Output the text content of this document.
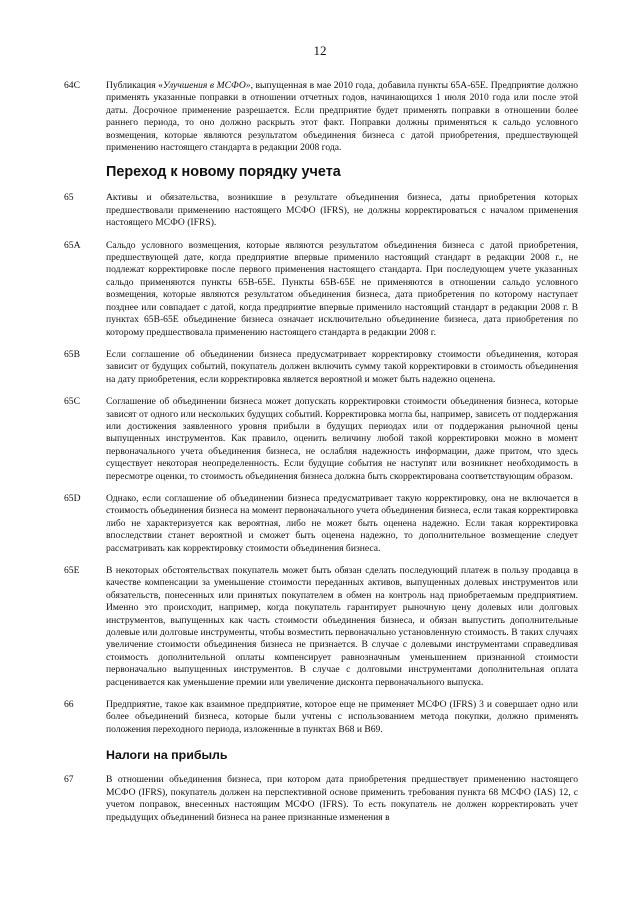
12
64C	Публикация «Улучшения в МСФО», выпущенная в мае 2010 года, добавила пункты 65А-65Е. Предприятие должно применять указанные поправки в отношении отчетных годов, начинающихся 1 июля 2010 года или после этой даты. Досрочное применение разрешается. Если предприятие будет применять поправки в отношении более раннего периода, то оно должно раскрыть этот факт. Поправки должны применяться к сальдо условного возмещения, которые являются результатом объединения бизнеса с датой приобретения, предшествующей применению настоящего стандарта в редакции 2008 года.
Переход к новому порядку учета
65	Активы и обязательства, возникшие в результате объединения бизнеса, даты приобретения которых предшествовали применению настоящего МСФО (IFRS), не должны корректироваться с началом применения настоящего МСФО (IFRS).
65А	Сальдо условного возмещения, которые являются результатом объединения бизнеса с датой приобретения, предшествующей дате, когда предприятие впервые применило настоящий стандарт в редакции 2008 г., не подлежат корректировке после первого применения настоящего стандарта. При последующем учете указанных сальдо применяются пункты 65В-65Е. Пункты 65В-65Е не применяются в отношении сальдо условного возмещения, которые являются результатом объединения бизнеса, дата приобретения по которому наступает позднее или совпадает с датой, когда предприятие впервые применило настоящий стандарт в редакции 2008 г. В пунктах 65В-65Е объединение бизнеса означает исключительно объединение бизнеса, дата приобретения по которому предшествовала применению настоящего стандарта в редакции 2008 г.
65В	Если соглашение об объединении бизнеса предусматривает корректировку стоимости объединения, которая зависит от будущих событий, покупатель должен включить сумму такой корректировки в стоимость объединения на дату приобретения, если корректировка является вероятной и может быть надежно оценена.
65С	Соглашение об объединении бизнеса может допускать корректировки стоимости объединения бизнеса, которые зависят от одного или нескольких будущих событий. Корректировка могла бы, например, зависеть от поддержания или достижения заявленного уровня прибыли в будущих периодах или от поддержания рыночной цены выпущенных инструментов. Как правило, оценить величину любой такой корректировки можно в момент первоначального учета объединения бизнеса, не ослабляя надежность информации, даже притом, что здесь существует некоторая неопределенность. Если будущие события не наступят или возникнет необходимость в пересмотре оценки, то стоимость объединения бизнеса должна быть скорректирована соответствующим образом.
65D	Однако, если соглашение об объединении бизнеса предусматривает такую корректировку, она не включается в стоимость объединения бизнеса на момент первоначального учета объединения бизнеса, если такая корректировка либо не характеризуется как вероятная, либо не может быть оценена надежно. Если такая корректировка впоследствии станет вероятной и сможет быть оценена надежно, то дополнительное возмещение следует рассматривать как корректировку стоимости объединения бизнеса.
65Е	В некоторых обстоятельствах покупатель может быть обязан сделать последующий платеж в пользу продавца в качестве компенсации за уменьшение стоимости переданных активов, выпущенных долевых инструментов или обязательств, понесенных или принятых покупателем в обмен на контроль над приобретаемым предприятием. Именно это происходит, например, когда покупатель гарантирует рыночную цену долевых или долговых инструментов, выпущенных как часть стоимости объединения бизнеса, и обязан выпустить дополнительные долевые или долговые инструменты, чтобы возместить первоначально установленную стоимость. В таких случаях увеличение стоимости объединения бизнеса не признается. В случае с долевыми инструментами справедливая стоимость дополнительной оплаты компенсирует равнозначным уменьшением признанной стоимости первоначально выпущенных инструментов. В случае с долговыми инструментами дополнительная оплата расценивается как уменьшение премии или увеличение дисконта первоначального выпуска.
66	Предприятие, такое как взаимное предприятие, которое еще не применяет МСФО (IFRS) 3 и совершает одно или более объединений бизнеса, которые были учтены с использованием метода покупки, должно применять положения переходного периода, изложенные в пунктах В68 и В69.
Налоги на прибыль
67	В отношении объединения бизнеса, при котором дата приобретения предшествует применению настоящего МСФО (IFRS), покупатель должен на перспективной основе применить требования пункта 68 МСФО (IAS) 12, с учетом поправок, внесенных настоящим МСФО (IFRS). То есть покупатель не должен корректировать учет предыдущих объединений бизнеса на ранее признанные изменения в
